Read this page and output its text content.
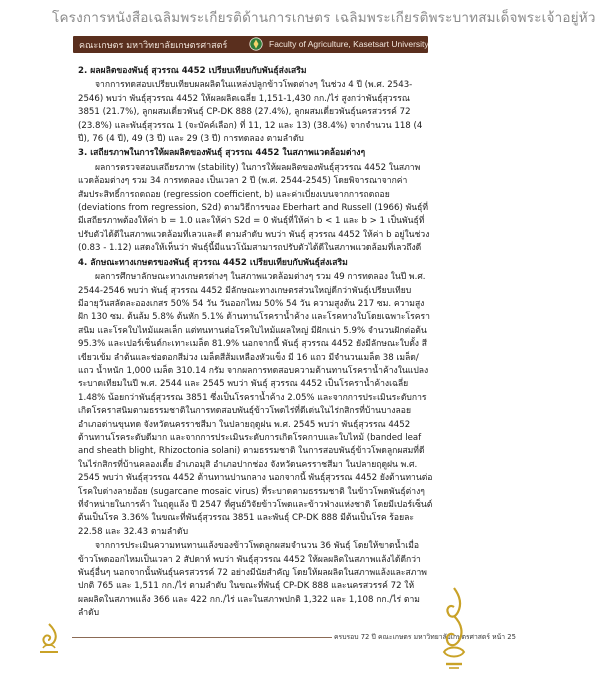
โครงการหนังสือเฉลิมพระเกียรติด้านการเกษตร เฉลิมพระเกียรติพระบาทสมเด็จพระเจ้าอยู่หัว
คณะเกษตร มหาวิทยาลัยเกษตรศาสตร์	Faculty of Agriculture, Kasetsart University

2. ผลผลิตของพันธุ์ สุวรรณ 4452 เปรียบเทียบกับพันธุ์ส่งเสริม

จากการทดสอบเปรียบเทียบผลผลิตในแหล่งปลูกข้าวโพดต่างๆ ในช่วง 4 ปี (พ.ศ. 2543-2546) พบว่า พันธุ์สุวรรณ 4452 ให้ผลผลิตเฉลี่ย 1,151-1,430 กก./ไร่ สูงกว่าพันธุ์สุวรรณ 3851 (21.7%), ลูกผสมเดี่ยวพันธุ์ CP-DK 888 (27.4%), ลูกผสมเดี่ยวพันธุ์นครสวรรค์ 72 (23.8%) และพันธุ์สุวรรณ 1 (จะบัคค์เลือก) ที่ 11, 12 และ 13) (38.4%) จากจำนวน 118 (4 ปี), 76 (4 ปี), 49 (3 ปี) และ 29 (3 ปี) การทดลอง ตามลำดับ

3. เสถียรภาพในการให้ผลผลิตของพันธุ์ สุวรรณ 4452 ในสภาพแวดล้อมต่างๆ

ผลการตรวจสอบเสถียรภาพ (stability) ในการให้ผลผลิตของพันธุ์สุวรรณ 4452 ในสภาพแวดล้อมต่างๆ รวม 34 การทดลอง เป็นเวลา 2 ปี (พ.ศ. 2544-2545) โดยพิจารณาจากค่าสัมประสิทธิ์การถดถอย (regression coefficient, b) และค่าเบี่ยงเบนจากการถดถอย (deviations from regression, S2d) ตามวิธีการของ Eberhart and Russell (1966) พันธุ์ที่มีเสถียรภาพต้องให้ค่า b = 1.0 และให้ค่า S2d = 0 พันธุ์ที่ให้ค่า b < 1 และ b > 1 เป็นพันธุ์ที่ปรับตัวได้ดีในสภาพแวดล้อมที่เลวและดี ตามลำดับ พบว่า พันธุ์ สุวรรณ 4452 ให้ค่า b อยู่ในช่วง (0.83 - 1.12) แสดงให้เห็นว่า พันธุ์นี้มีแนวโน้มสามารถปรับตัวได้ดีในสภาพแวดล้อมที่เลวถึงดี

4. ลักษณะทางเกษตรของพันธุ์ สุวรรณ 4452 เปรียบเทียบกับพันธุ์ส่งเสริม

ผลการศึกษาลักษณะทางเกษตรต่างๆ ในสภาพแวดล้อมต่างๆ รวม 49 การทดลอง ในปี พ.ศ. 2544-2546 พบว่า พันธุ์ สุวรรณ 4452 มีลักษณะทางเกษตรส่วนใหญ่ดีกว่าพันธุ์เปรียบเทียบ มีอายุวันสลัดละอองเกสร 50% 54 วัน วันออกไหม 50% 54 วัน ความสูงต้น 217 ซม. ความสูงฝัก 130 ซม. ต้นล้ม 5.8% ต้นหัก 5.1% ด้านทานโรคราน้ำค้าง และโรคทางใบโดยเฉพาะโรคราสนิม และโรคใบไหม้แผลเล็ก แต่ทนทานต่อโรคใบไหม้แผลใหญ่ มีฝักเน่า 5.9% จำนวนฝักต่อต้น 95.3% และเปอร์เซ็นต์กะเทาะเมล็ด 81.9% นอกจากนี้ พันธุ์ สุวรรณ 4452 ยังมีลักษณะใบตั้ง สีเขียวเข้ม ลำต้นและช่อดอกสีม่วง เมล็ดสีส้มเหลืองหัวแข็ง มี 16 แถว มีจำนวนเมล็ด 38 เมล็ด/แถว น้ำหนัก 1,000 เมล็ด 310.14 กรัม จากผลการทดสอบความต้านทานโรคราน้ำค้างในแปลงระบาดเทียมในปี พ.ศ. 2544 และ 2545 พบว่า พันธุ์ สุวรรณ 4452 เป็นโรคราน้ำค้างเฉลี่ย 1.48% น้อยกว่าพันธุ์สุวรรณ 3851 ซึ่งเป็นโรคราน้ำค้าง 2.05% และจากการประเมินระดับการเกิดโรคราสนิมตามธรรมชาติในการทดสอบพันธุ์ข้าวโพดไร่ที่ดีเด่นในไร่กสิกรที่บ้านบางลอย อำเภอด่านขุนทด จังหวัดนครราชสีมา ในปลายฤดูฝน พ.ศ. 2545 พบว่า พันธุ์สุวรรณ 4452 ต้านทานโรคระดับดีมาก และจากการประเมินระดับการเกิดโรคกาบและใบไหม้ (banded leaf and sheath blight, Rhizoctonia solani) ตามธรรมชาติ ในการสอบพันธุ์ข้าวโพดลูกผสมที่ดีในไร่กสิกรที่บ้านคลองเตี้ย อำเภอมุสิ อำเภอปากช่อง จังหวัดนครราชสีมา ในปลายฤดูฝน พ.ศ. 2545 พบว่า พันธุ์สุวรรณ 4452 ต้านทานปานกลาง นอกจากนี้ พันธุ์สุวรรณ 4452 ยังต้านทานต่อโรคใบด่างลายอ้อย (sugarcane mosaic virus) ที่ระบาดตามธรรมชาติ ในข้าวโพดพันธุ์ต่างๆ ที่จำหน่ายในการค้า ในฤดูแล้ง ปี 2547 ที่ศูนย์วิจัยข้าวโพดและข้าวฟ่างแห่งชาติ โดยมีเปอร์เซ็นต์ต้นเป็นโรค 3.36% ในขณะที่พันธุ์สุวรรณ 3851 และพันธุ์ CP-DK 888 มีต้นเป็นโรค ร้อยละ 22.58 และ 32.43 ตามลำดับ

จากการประเมินความทนทานแล้งของข้าวโพดลูกผสมจำนวน 36 พันธุ์ โดยให้ขาดน้ำเมื่อข้าวโพดออกไหมเป็นเวลา 2 สัปดาห์ พบว่า พันธุ์สุวรรณ 4452 ให้ผลผลิตในสภาพแล้งได้ดีกว่าพันธุ์อื่นๆ นอกจากนั้นพันธุ์นครสวรรค์ 72 อย่างมีนัยสำคัญ โดยให้ผลผลิตในสภาพแล้งและสภาพปกติ 765 และ 1,511 กก./ไร่ ตามลำดับ ในขณะที่พันธุ์ CP-DK 888 และนครสวรรค์ 72 ให้ผลผลิตในสภาพแล้ง 366 และ 422 กก./ไร่ และในสภาพปกติ 1,322 และ 1,108 กก./ไร่ ตามลำดับ

ครบรอบ 72 ปี คณะเกษตร มหาวิทยาลัยเกษตรศาสตร์ หน้า 25
